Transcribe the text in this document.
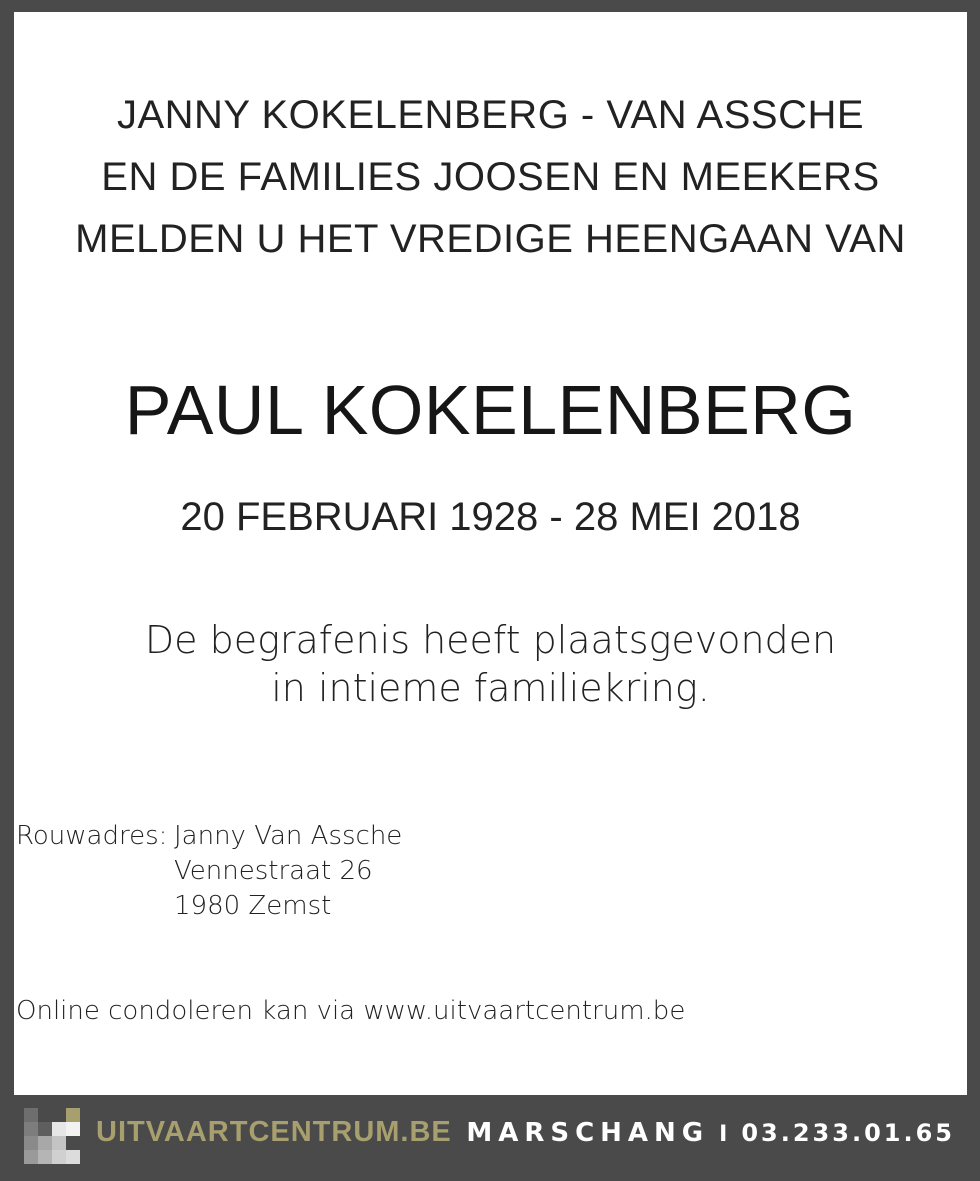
JANNY KOKELENBERG - VAN ASSCHE
EN DE FAMILIES JOOSEN EN MEEKERS
MELDEN U HET VREDIGE HEENGAAN VAN
PAUL KOKELENBERG
20 FEBRUARI 1928 - 28 MEI 2018
De begrafenis heeft plaatsgevonden
in intieme familiekring.
Rouwadres: Janny Van Assche
Vennestraat 26
1980 Zemst
Online condoleren kan via www.uitvaartcentrum.be
UITVAARTCENTRUM.BE MARSCHANG I 03.233.01.65
